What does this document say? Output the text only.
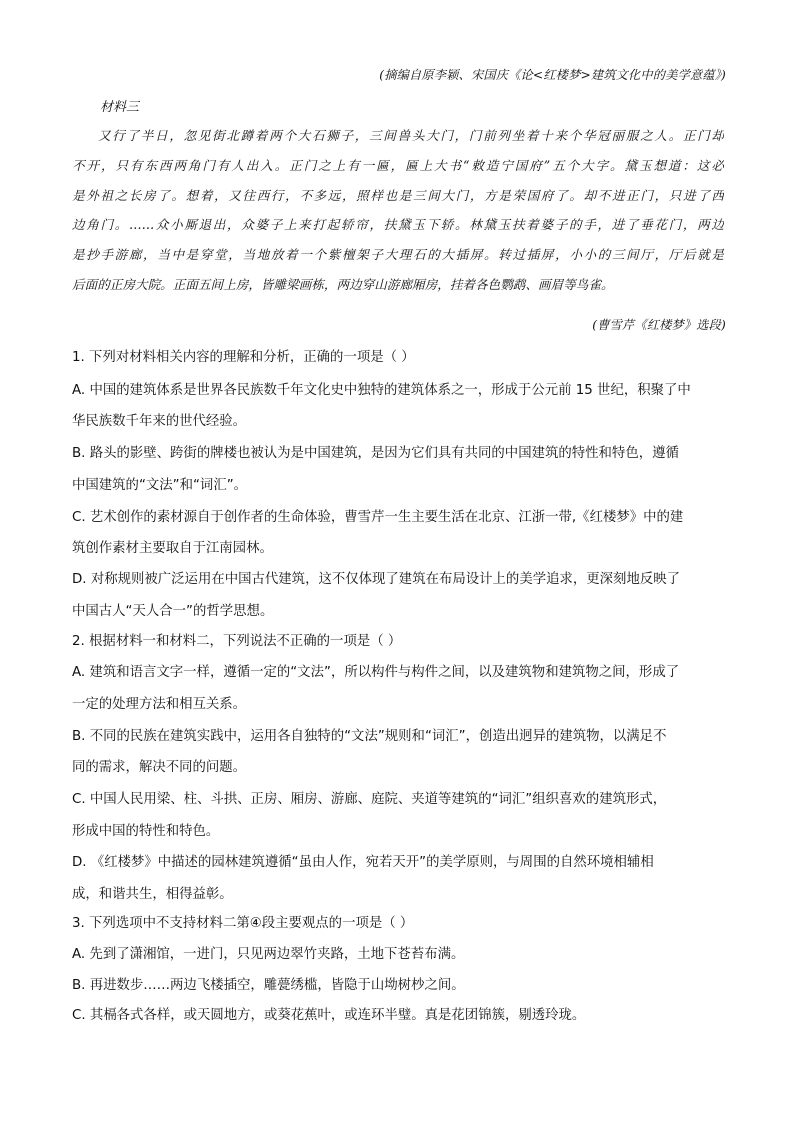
(摘编自原李颖、宋国庆《论<红楼梦>建筑文化中的美学意蕴》)
材料三
又行了半日，忽见街北蹲着两个大石狮子，三间兽头大门，门前列坐着十来个华冠丽服之人。正门却
不开，只有东西两角门有人出入。正门之上有一匾，匾上大书“敕造宁国府”五个大字。黛玉想道：这必
是外祖之长房了。想着，又往西行，不多远，照样也是三间大门，方是荣国府了。却不进正门，只进了西
边角门。……众小厮退出，众婆子上来打起轿帘，扶黛玉下轿。林黛玉扶着婆子的手，进了垂花门，两边
是抄手游廊，当中是穿堂，当地放着一个紫檀架子大理石的大插屏。转过插屏，小小的三间厅，厅后就是
后面的正房大院。正面五间上房，皆雕梁画栋，两边穿山游廊厢房，挂着各色鹦鹉、画眉等鸟雀。
(曹雪芹《红楼梦》选段)
1. 下列对材料相关内容的理解和分析，正确的一项是（ ）
A. 中国的建筑体系是世界各民族数千年文化史中独特的建筑体系之一，形成于公元前 15 世纪，积聚了中
华民族数千年来的世代经验。
B. 路头的影壁、跨街的牌楼也被认为是中国建筑，是因为它们具有共同的中国建筑的特性和特色，遵循
中国建筑的“文法”和“词汇”。
C. 艺术创作的素材源自于创作者的生命体验，曹雪芹一生主要生活在北京、江浙一带,《红楼梦》中的建
筑创作素材主要取自于江南园林。
D. 对称规则被广泛运用在中国古代建筑，这不仅体现了建筑在布局设计上的美学追求，更深刻地反映了
中国古人“天人合一”的哲学思想。
2. 根据材料一和材料二，下列说法不正确的一项是（ ）
A. 建筑和语言文字一样，遵循一定的“文法”，所以构件与构件之间，以及建筑物和建筑物之间，形成了
一定的处理方法和相互关系。
B. 不同的民族在建筑实践中，运用各自独特的“文法”规则和“词汇”，创造出迥异的建筑物，以满足不
同的需求，解决不同的问题。
C. 中国人民用梁、柱、斗拱、正房、厢房、游廊、庭院、夹道等建筑的“词汇”组织喜欢的建筑形式，
形成中国的特性和特色。
D. 《红楼梦》中描述的园林建筑遵循“虽由人作，宛若天开”的美学原则，与周围的自然环境相辅相
成，和谐共生，相得益彰。
3. 下列选项中不支持材料二第④段主要观点的一项是（ ）
A. 先到了潇湘馆，一进门，只见两边翠竹夹路，土地下苍苔布满。
B. 再进数步……两边飞楼插空，雕甍绣槛，皆隐于山坳树杪之间。
C. 其槅各式各样，或天圆地方，或葵花蕉叶，或连环半璧。真是花团锦簇，剔透玲珑。
